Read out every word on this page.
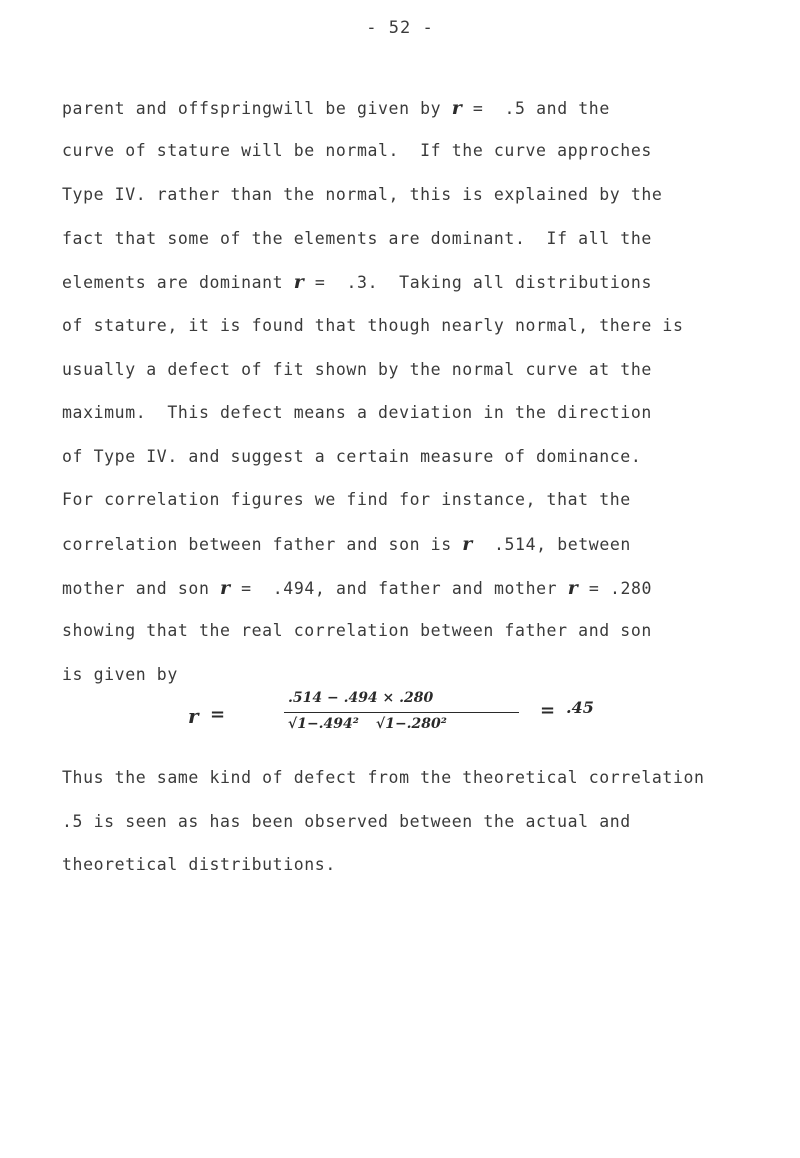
- 52 -
parent and offspringwill be given by r =  .5 and the
curve of stature will be normal.  If the curve approches
Type IV. rather than the normal, this is explained by the
fact that some of the elements are dominant.  If all the
elements are dominant r =  .3.  Taking all distributions
of stature, it is found that though nearly normal, there is
usually a defect of fit shown by the normal curve at the
maximum.  This defect means a deviation in the direction
of Type IV. and suggest a certain measure of dominance.
For correlation figures we find for instance, that the
correlation between father and son is r  .514, between
mother and son r =  .494, and father and mother r = .280
showing that the real correlation between father and son
is given by
r =
.514 − .494 × .280
√1−.494² √1−.280²
= .45
Thus the same kind of defect from the theoretical correlation
.5 is seen as has been observed between the actual and
theoretical distributions.
